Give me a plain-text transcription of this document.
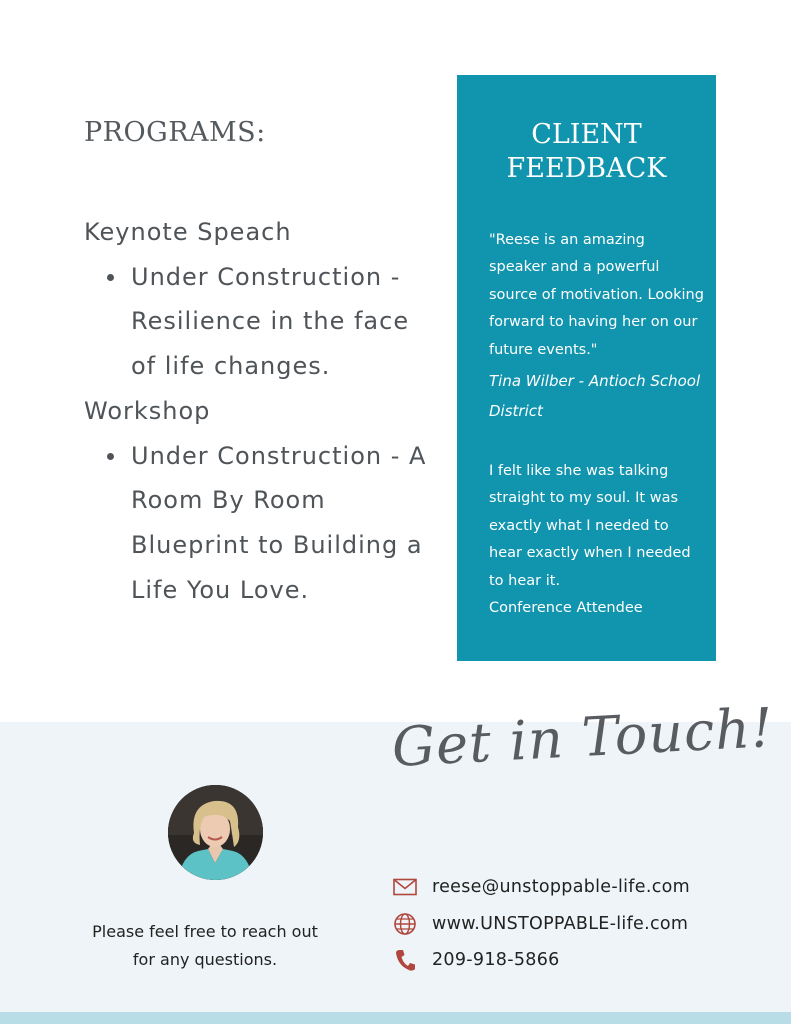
PROGRAMS:
Keynote Speach
Under Construction - Resilience in the face of life changes.
Workshop
Under Construction - A Room By Room Blueprint to Building a Life You Love.
CLIENT FEEDBACK

"Reese is an amazing speaker and a powerful source of motivation. Looking forward to having her on our future events."

Tina Wilber - Antioch School District

I felt like she was talking straight to my soul. It was exactly what I needed to hear exactly when I needed to hear it.

Conference Attendee

Get in Touch!
Please feel free to reach out for any questions.
reese@unstoppable-life.com
www.UNSTOPPABLE-life.com
209-918-5866
